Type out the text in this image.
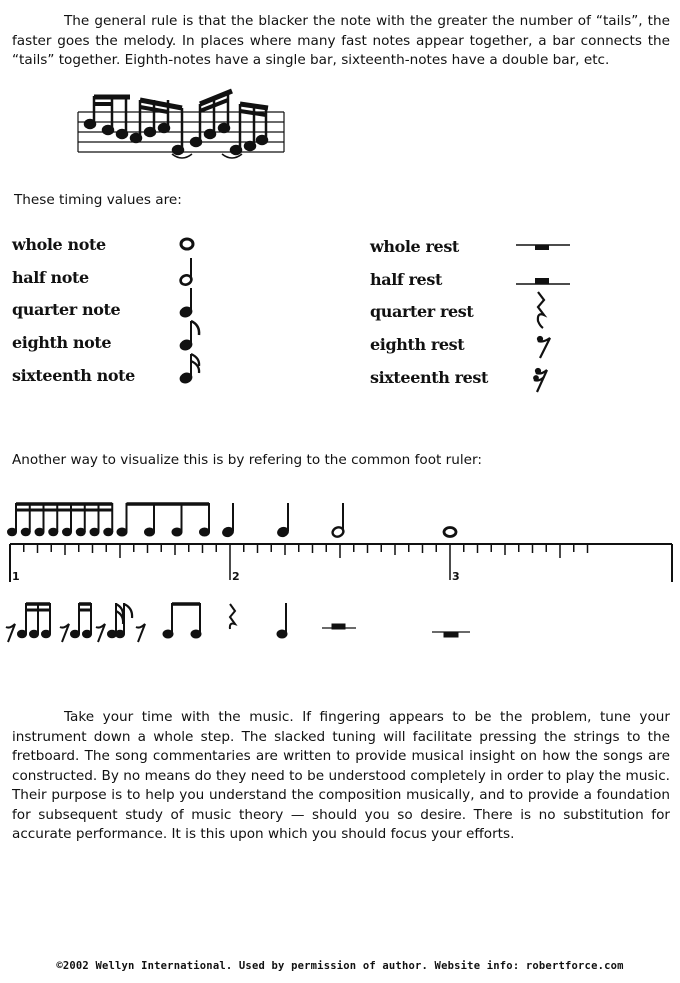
The general rule is that the blacker the note with the greater the number of “tails”, the faster goes the melody. In places where many fast notes appear together, a bar connects the “tails” together. Eighth-notes have a single bar, sixteenth-notes have a double bar, etc.

These timing values are:

whole note

half note

quarter note

eighth note

sixteenth note

whole rest

half rest

quarter rest

eighth rest

sixteenth rest

Another way to visualize this is by refering to the common foot ruler:

1	2	3

Take your time with the music. If fingering appears to be the problem, tune your instrument down a whole step. The slacked tuning will facilitate pressing the strings to the fretboard. The song commentaries are written to provide musical insight on how the songs are constructed. By no means do they need to be understood completely in order to play the music. Their purpose is to help you understand the composition musically, and to provide a foundation for subsequent study of music theory — should you so desire. There is no substitution for accurate performance. It is this upon which you should focus your efforts.

©2002 Wellyn International. Used by permission of author. Website info: robertforce.com
